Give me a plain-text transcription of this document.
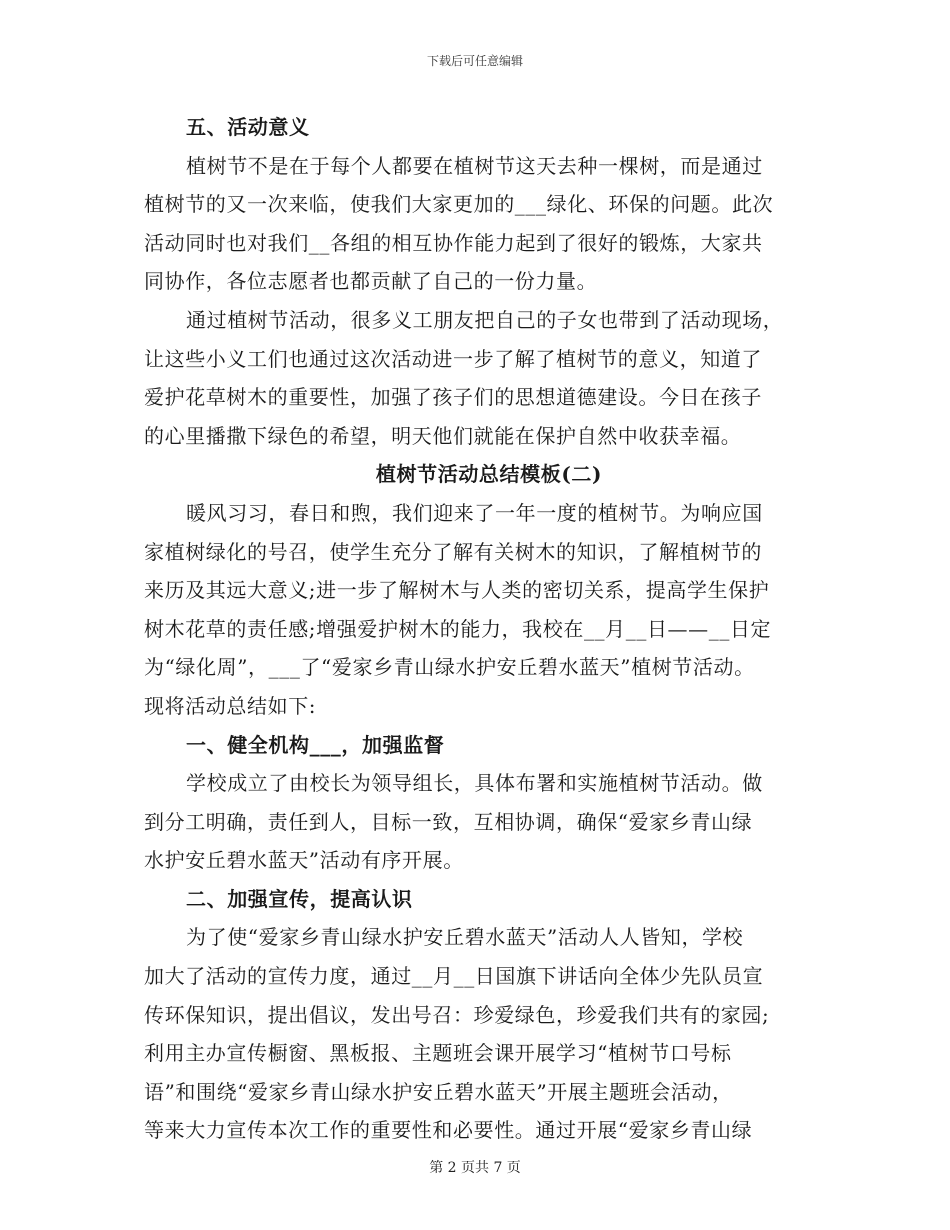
下载后可任意编辑
五、活动意义
植树节不是在于每个人都要在植树节这天去种一棵树，而是通过
植树节的又一次来临，使我们大家更加的___绿化、环保的问题。此次
活动同时也对我们__各组的相互协作能力起到了很好的锻炼，大家共
同协作，各位志愿者也都贡献了自己的一份力量。
通过植树节活动，很多义工朋友把自己的子女也带到了活动现场，
让这些小义工们也通过这次活动进一步了解了植树节的意义，知道了
爱护花草树木的重要性，加强了孩子们的思想道德建设。今日在孩子
的心里播撒下绿色的希望，明天他们就能在保护自然中收获幸福。
植树节活动总结模板(二)
暖风习习，春日和煦，我们迎来了一年一度的植树节。为响应国
家植树绿化的号召，使学生充分了解有关树木的知识，了解植树节的
来历及其远大意义;进一步了解树木与人类的密切关系，提高学生保护
树木花草的责任感;增强爱护树木的能力，我校在__月__日——__日定
为“绿化周”，___了“爱家乡青山绿水护安丘碧水蓝天”植树节活动。
现将活动总结如下:
一、健全机构___，加强监督
学校成立了由校长为领导组长，具体布署和实施植树节活动。做
到分工明确，责任到人，目标一致，互相协调，确保“爱家乡青山绿
水护安丘碧水蓝天”活动有序开展。
二、加强宣传，提高认识
为了使“爱家乡青山绿水护安丘碧水蓝天”活动人人皆知，学校
加大了活动的宣传力度，通过__月__日国旗下讲话向全体少先队员宣
传环保知识，提出倡议，发出号召：珍爱绿色，珍爱我们共有的家园;
利用主办宣传橱窗、黑板报、主题班会课开展学习“植树节口号标
语”和围绕“爱家乡青山绿水护安丘碧水蓝天”开展主题班会活动，
等来大力宣传本次工作的重要性和必要性。通过开展“爱家乡青山绿
第 2 页共 7 页
